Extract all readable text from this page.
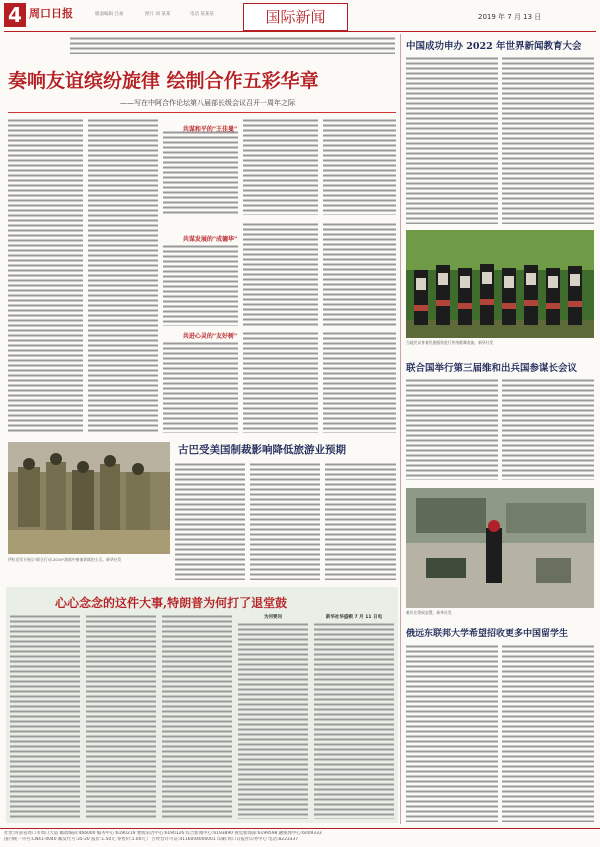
4 周口日报	版面编辑 吕豪	照片 刘 某某	电话 某某某	国际新闻	2019 年 7 月 13 日
奏响友谊缤纷旋律 绘制合作五彩华章
——写在中阿合作论坛第八届部长级会议召开一周年之际
共谋和平的"王佳曼"
共谋发展的"成德华"
共进心灵的"友好树"
伊拉克军方展示"联合行动-2019"演练中参加训练的士兵。新华社发
古巴受美国制裁影响降低旅游业预期
心心念念的这件大事,特朗普为何打了退堂鼓
为何要问	新华社华盛顿 7 月 11 日电
中国成功申办 2022 年世界新闻教育大会
当地民众身着民族服装进行传统歌舞表演。新华社发
联合国举行第三届维和出兵国参谋长会议
难民在等候安置。新华社发
俄远东联邦大学希望招收更多中国留学生
社址:河南省周口市周口大道 邮政编码:466000 编务中心:6190219 要闻采访中心:6190126 综合新闻中心:6193890 视觉新闻部:6199598 融媒体中心:6009333
国内统一刊号:CN41-0040 邮发代号:35-20 报价:1.50元 零售价:1.00元 广告经营许可证:4116004000001 印刷:周口日报社印务中心 电话:8223337
